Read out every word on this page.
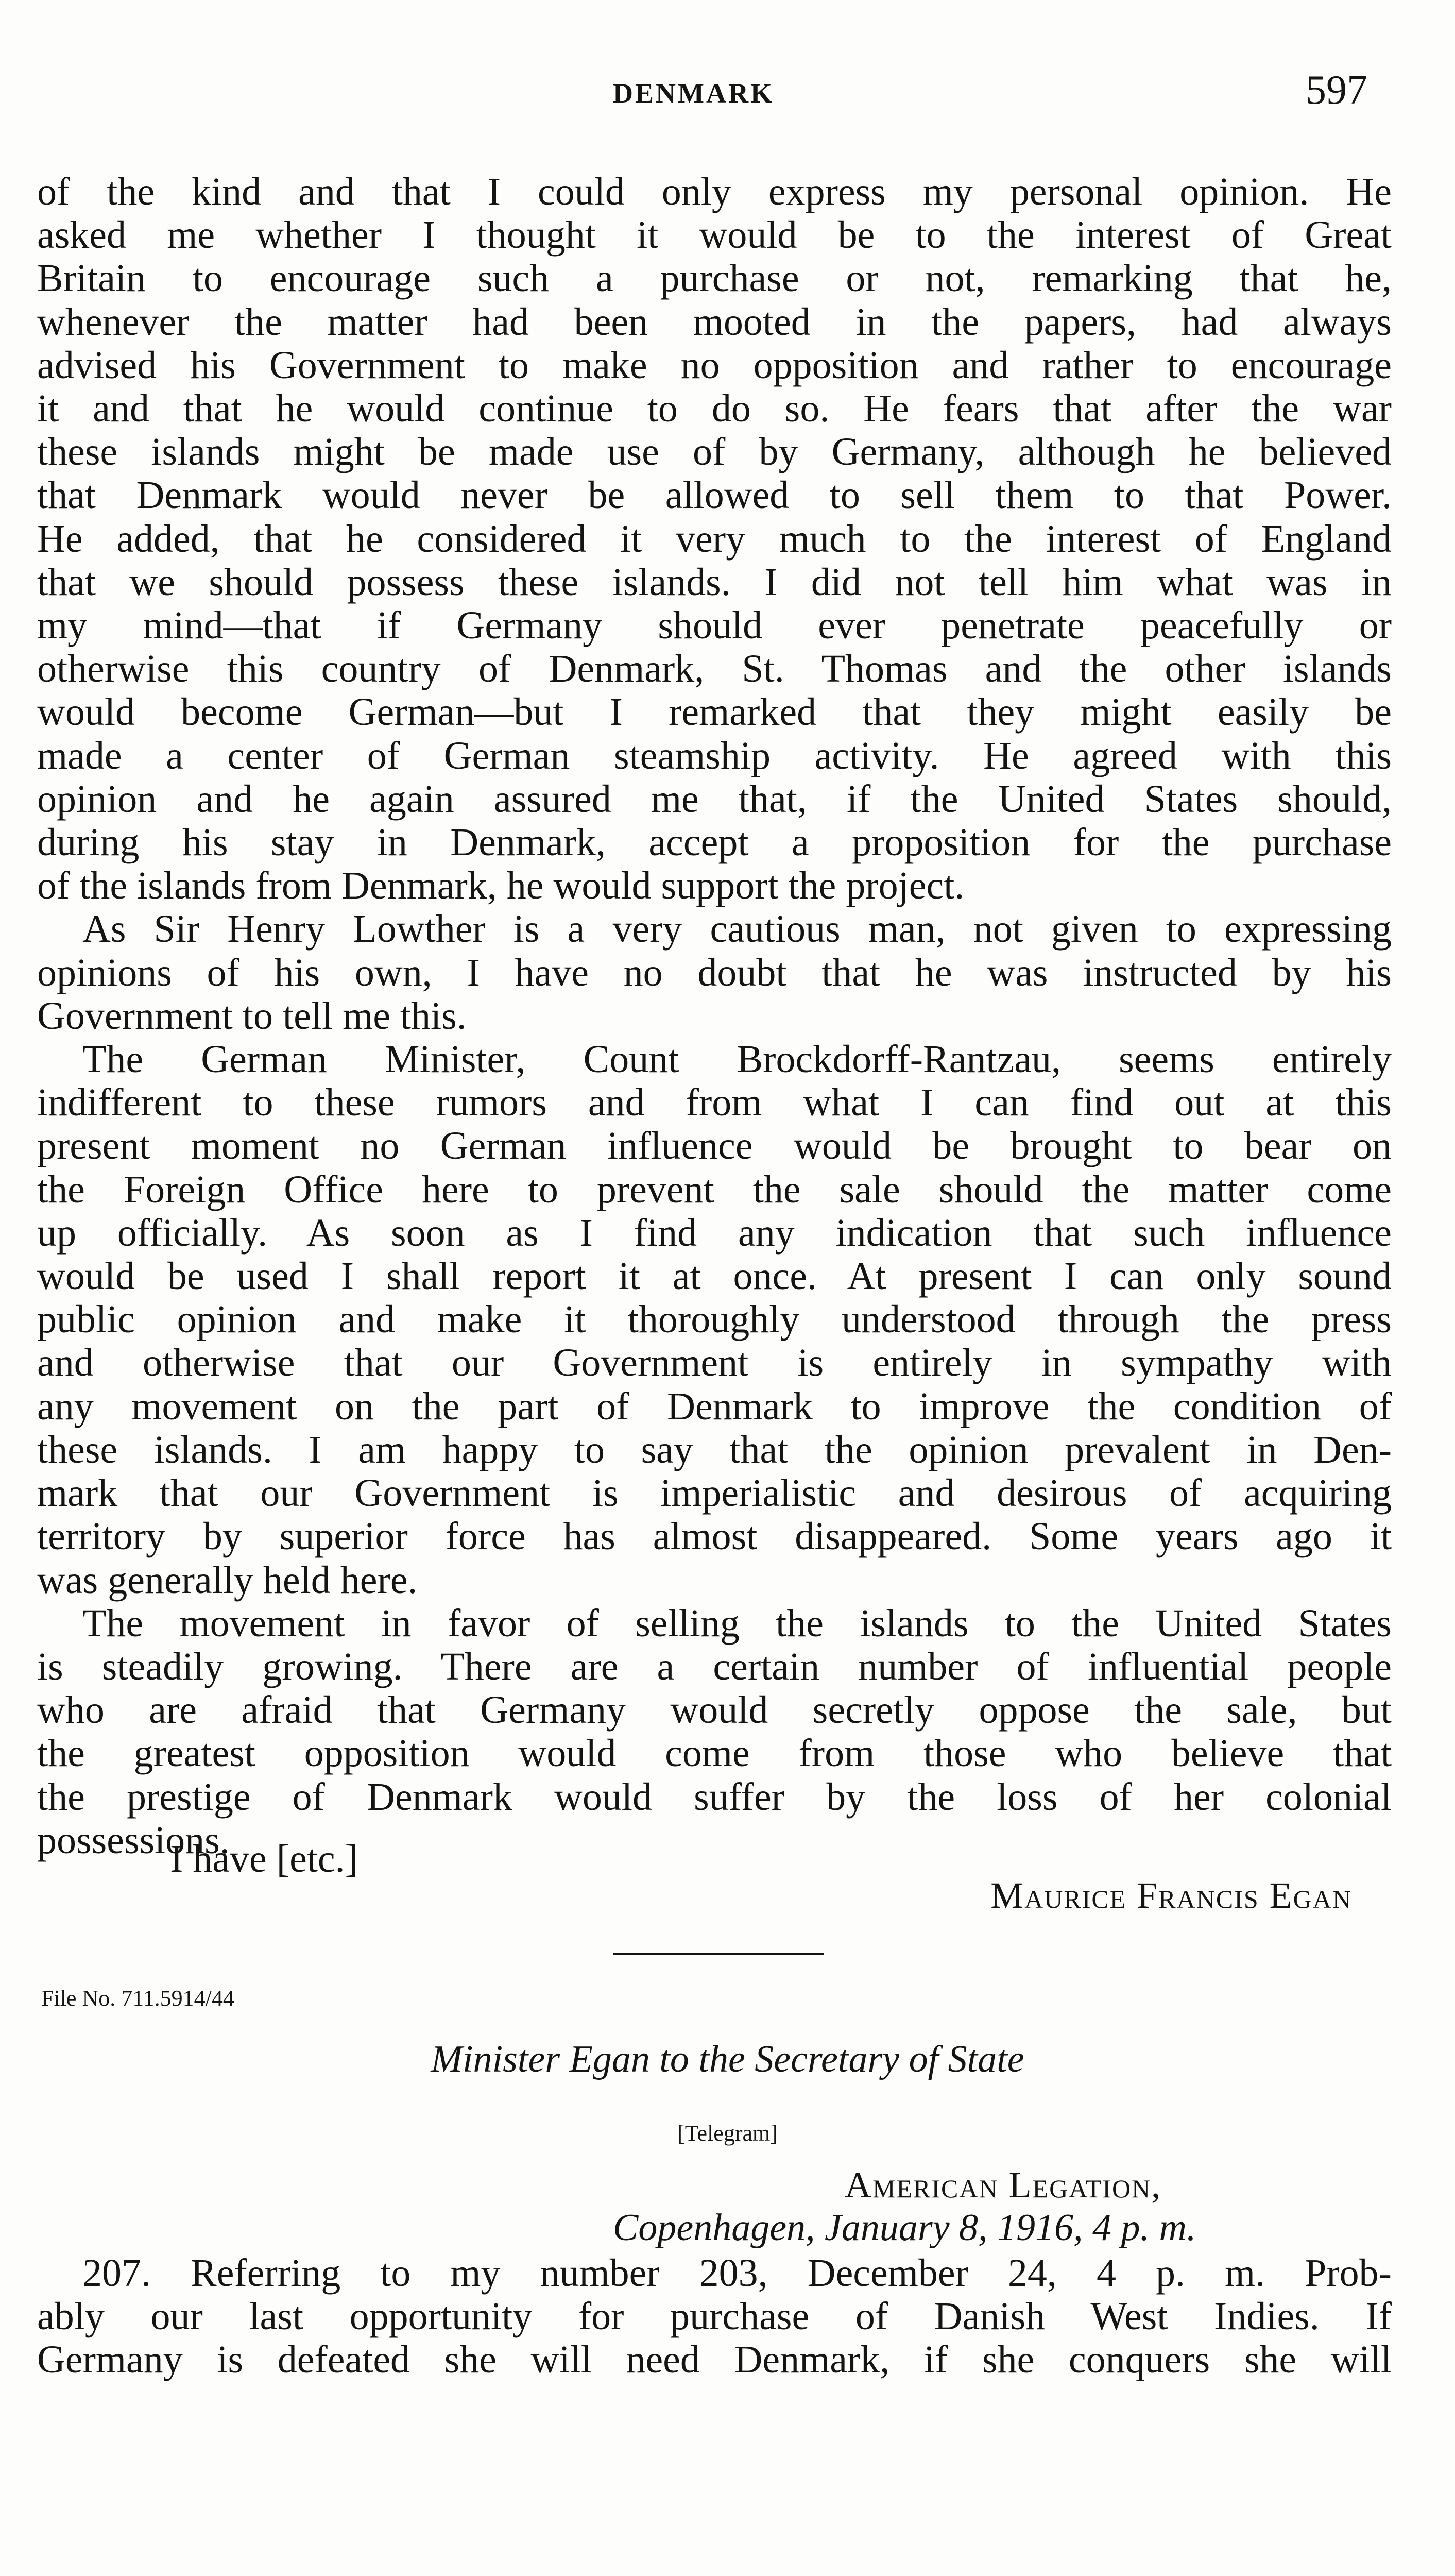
DENMARK	597
of the kind and that I could only express my personal opinion. He
asked me whether I thought it would be to the interest of Great
Britain to encourage such a purchase or not, remarking that he,
whenever the matter had been mooted in the papers, had always
advised his Government to make no opposition and rather to encourage
it and that he would continue to do so. He fears that after the war
these islands might be made use of by Germany, although he believed
that Denmark would never be allowed to sell them to that Power.
He added, that he considered it very much to the interest of England
that we should possess these islands. I did not tell him what was in
my mind—that if Germany should ever penetrate peacefully or
otherwise this country of Denmark, St. Thomas and the other islands
would become German—but I remarked that they might easily be
made a center of German steamship activity. He agreed with this
opinion and he again assured me that, if the United States should,
during his stay in Denmark, accept a proposition for the purchase
of the islands from Denmark, he would support the project.
As Sir Henry Lowther is a very cautious man, not given to expressing
opinions of his own, I have no doubt that he was instructed by his
Government to tell me this.
The German Minister, Count Brockdorff-Rantzau, seems entirely
indifferent to these rumors and from what I can find out at this
present moment no German influence would be brought to bear on
the Foreign Office here to prevent the sale should the matter come
up officially. As soon as I find any indication that such influence
would be used I shall report it at once. At present I can only sound
public opinion and make it thoroughly understood through the press
and otherwise that our Government is entirely in sympathy with
any movement on the part of Denmark to improve the condition of
these islands. I am happy to say that the opinion prevalent in Den-
mark that our Government is imperialistic and desirous of acquiring
territory by superior force has almost disappeared. Some years ago it
was generally held here.
The movement in favor of selling the islands to the United States
is steadily growing. There are a certain number of influential people
who are afraid that Germany would secretly oppose the sale, but
the greatest opposition would come from those who believe that
the prestige of Denmark would suffer by the loss of her colonial
possessions.
I have [etc.]
Maurice Francis Egan
File No. 711.5914/44
Minister Egan to the Secretary of State
[Telegram]
American Legation,
Copenhagen, January 8, 1916, 4 p. m.
207. Referring to my number 203, December 24, 4 p. m. Prob-
ably our last opportunity for purchase of Danish West Indies. If
Germany is defeated she will need Denmark, if she conquers she will
